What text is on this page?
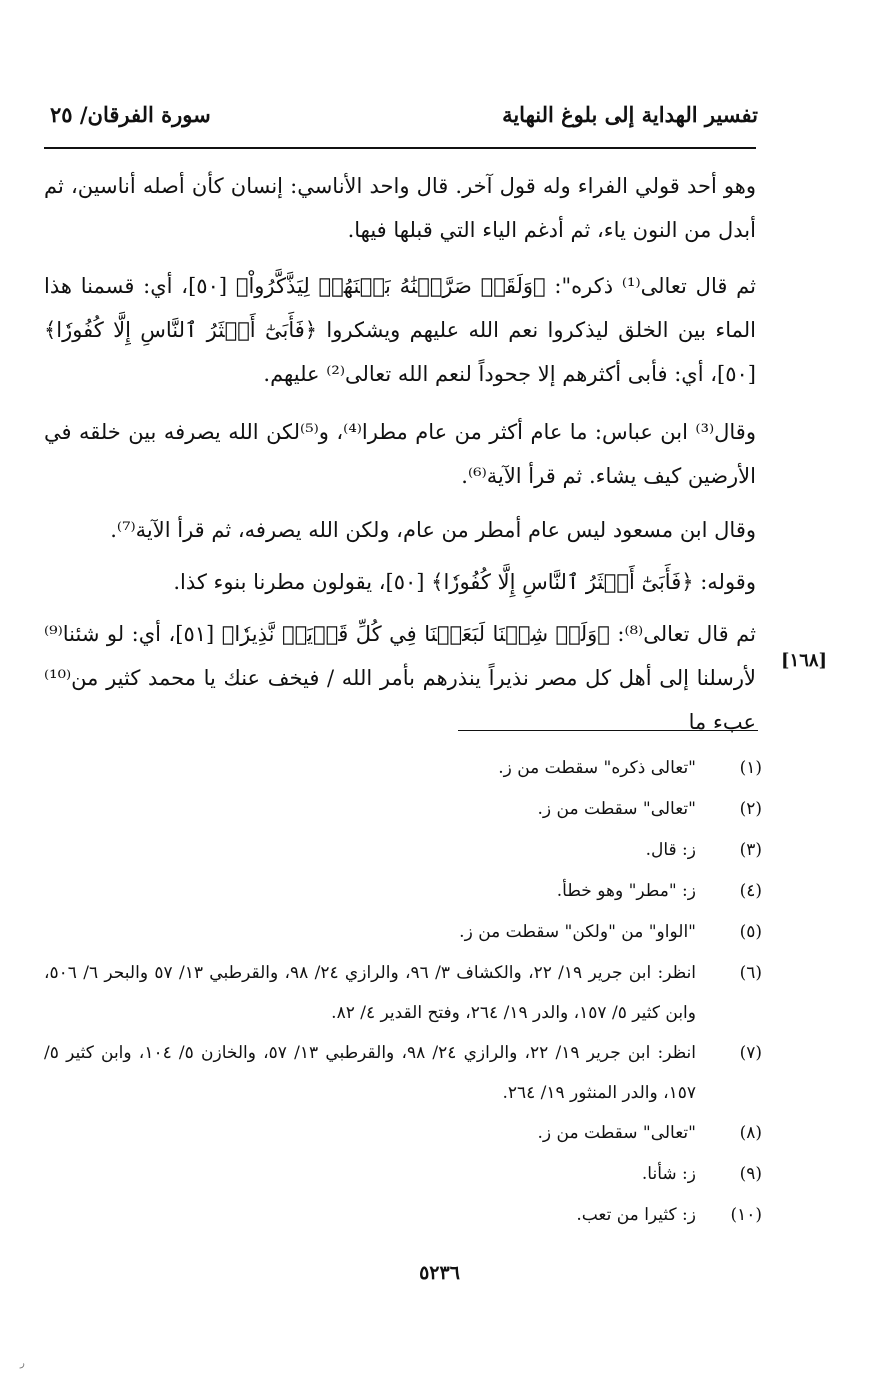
تفسير الهداية إلى بلوغ النهاية
سورة الفرقان/ ٢٥

وهو أحد قولي الفراء وله قول آخر. قال واحد الأناسي: إنسان كأن أصله أناسين، ثم أبدل من النون ياء، ثم أدغم الياء التي قبلها فيها.

ثم قال تعالى⁽¹⁾ ذكره": ﴿وَلَقَدۡ صَرَّفۡنَٰهُ بَيۡنَهُمۡ لِيَذَّكَّرُواْ﴾ [٥٠]، أي: قسمنا هذا الماء بين الخلق ليذكروا نعم الله عليهم ويشكروا ﴿فَأَبَىٰٓ أَكۡثَرُ ٱلنَّاسِ إِلَّا كُفُورٗا﴾ [٥٠]، أي: فأبى أكثرهم إلا جحوداً لنعم الله تعالى⁽²⁾ عليهم.

وقال⁽³⁾ ابن عباس: ما عام أكثر من عام مطرا⁽⁴⁾، و⁽⁵⁾لكن الله يصرفه بين خلقه في الأرضين كيف يشاء. ثم قرأ الآية⁽⁶⁾.

وقال ابن مسعود ليس عام أمطر من عام، ولكن الله يصرفه، ثم قرأ الآية⁽⁷⁾.

وقوله: ﴿فَأَبَىٰٓ أَكۡثَرُ ٱلنَّاسِ إِلَّا كُفُورٗا﴾ [٥٠]، يقولون مطرنا بنوء كذا.

ثم قال تعالى⁽⁸⁾: ﴿وَلَوۡ شِئۡنَا لَبَعَثۡنَا فِي كُلِّ قَرۡيَةٖ نَّذِيرٗا﴾ [٥١]، أي: لو شئنا⁽⁹⁾ لأرسلنا إلى أهل كل مصر نذيراً ينذرهم بأمر الله / فيخف عنك يا محمد كثير من⁽¹⁰⁾ عبء ما

[١٦٨]
(١)
"تعالى ذكره" سقطت من ز.
(٢)
"تعالى" سقطت من ز.
(٣)
ز: قال.
(٤)
ز: "مطر" وهو خطأ.
(٥)
"الواو" من "ولكن" سقطت من ز.
(٦)
انظر: ابن جرير ١٩/ ٢٢، والكشاف ٣/ ٩٦، والرازي ٢٤/ ٩٨، والقرطبي ١٣/ ٥٧ والبحر ٦/ ٥٠٦، وابن كثير ٥/ ١٥٧، والدر ١٩/ ٢٦٤، وفتح القدير ٤/ ٨٢.
(٧)
انظر: ابن جرير ١٩/ ٢٢، والرازي ٢٤/ ٩٨، والقرطبي ١٣/ ٥٧، والخازن ٥/ ١٠٤، وابن كثير ٥/ ١٥٧، والدر المنثور ١٩/ ٢٦٤.
(٨)
"تعالى" سقطت من ز.
(٩)
ز: شأنا.
(١٠)
ز: كثيرا من تعب.
٥٢٣٦
ر
